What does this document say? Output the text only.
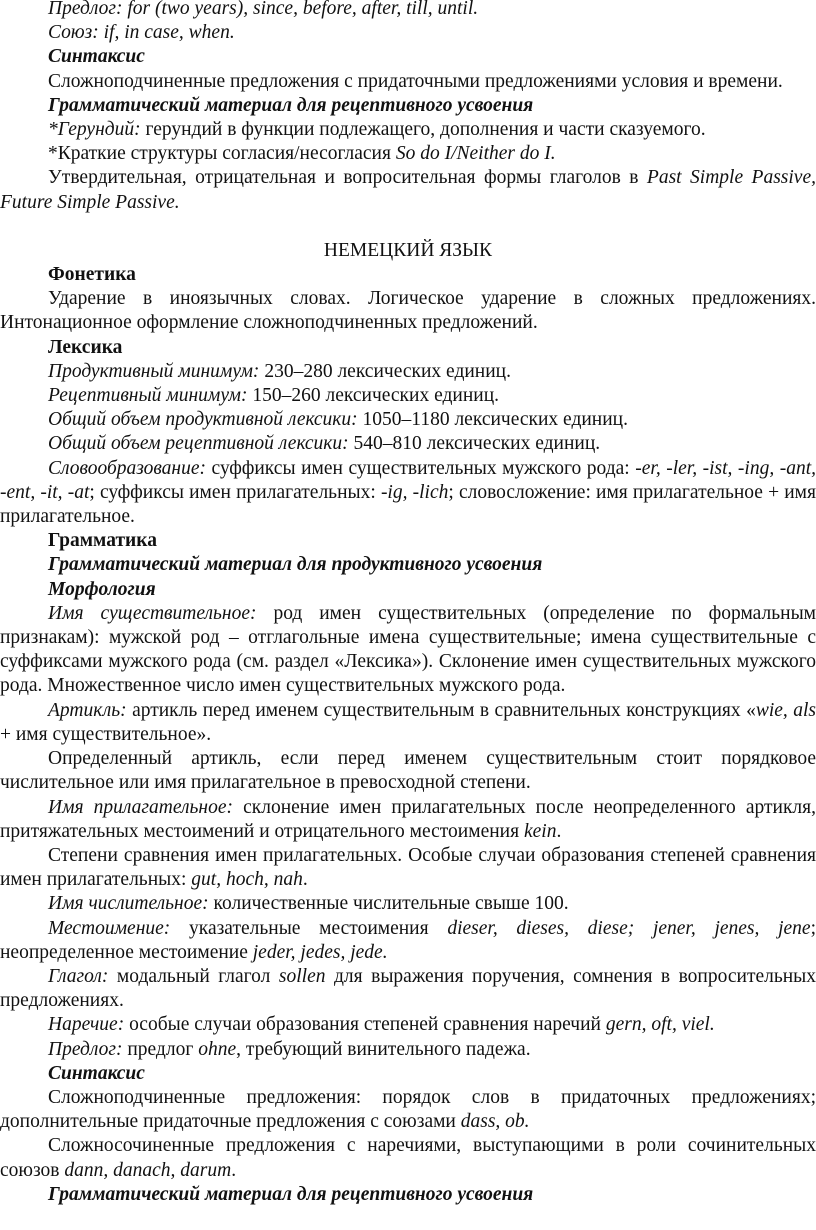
Предлог: for (two years), since, before, after, till, until.

Союз: if, in case, when.

Синтаксис

Сложноподчиненные предложения с придаточными предложениями условия и времени.

Грамматический материал для рецептивного усвоения

*Герундий: герундий в функции подлежащего, дополнения и части сказуемого.

*Краткие структуры согласия/несогласия So do I/Neither do I.

Утвердительная, отрицательная и вопросительная формы глаголов в Past Simple Passive, Future Simple Passive.

НЕМЕЦКИЙ ЯЗЫК

Фонетика

Ударение в иноязычных словах. Логическое ударение в сложных предложениях. Интонационное оформление сложноподчиненных предложений.

Лексика

Продуктивный минимум: 230–280 лексических единиц.

Рецептивный минимум: 150–260 лексических единиц.

Общий объем продуктивной лексики: 1050–1180 лексических единиц.

Общий объем рецептивной лексики: 540–810 лексических единиц.

Словообразование: суффиксы имен существительных мужского рода: -er, -ler, -ist, -ing, -ant, -ent, -it, -at; суффиксы имен прилагательных: -ig, -lich; словосложение: имя прилагательное + имя прилагательное.

Грамматика

Грамматический материал для продуктивного усвоения

Морфология

Имя существительное: род имен существительных (определение по формальным признакам): мужской род – отглагольные имена существительные; имена существительные с суффиксами мужского рода (см. раздел «Лексика»). Склонение имен существительных мужского рода. Множественное число имен существительных мужского рода.

Артикль: артикль перед именем существительным в сравнительных конструкциях «wie, als + имя существительное».

Определенный артикль, если перед именем существительным стоит порядковое числительное или имя прилагательное в превосходной степени.

Имя прилагательное: склонение имен прилагательных после неопределенного артикля, притяжательных местоимений и отрицательного местоимения kein.

Степени сравнения имен прилагательных. Особые случаи образования степеней сравнения имен прилагательных: gut, hoch, nah.

Имя числительное: количественные числительные свыше 100.

Местоимение: указательные местоимения dieser, dieses, diese; jener, jenes, jene; неопределенное местоимение jeder, jedes, jede.

Глагол: модальный глагол sollen для выражения поручения, сомнения в вопросительных предложениях.

Наречие: особые случаи образования степеней сравнения наречий gern, oft, viel.

Предлог: предлог ohne, требующий винительного падежа.

Синтаксис

Сложноподчиненные предложения: порядок слов в придаточных предложениях; дополнительные придаточные предложения с союзами dass, ob.

Сложносочиненные предложения с наречиями, выступающими в роли сочинительных союзов dann, danach, darum.

Грамматический материал для рецептивного усвоения
